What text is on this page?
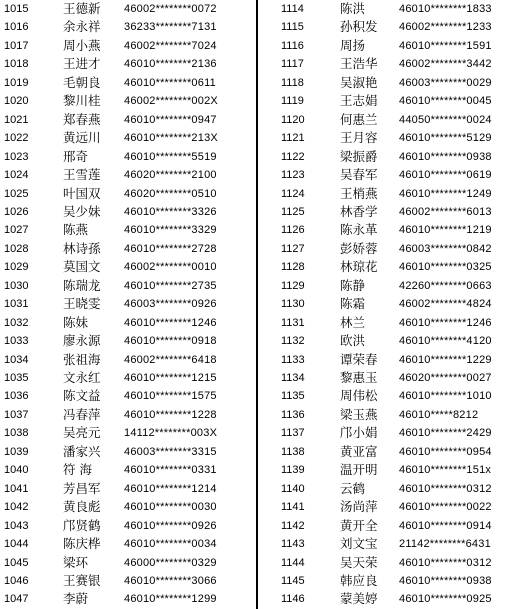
1015	王德新 46002********0072
1016	余永祥 36233********7131
1017	周小燕 46002********7024
1018	王进才 46010********2136
1019	毛朝良 46010********0611
1020	黎川桂 46002********002X
1021	郑春燕 46010********0947
1022	黄远川 46010********213X
1023	邢奇	46010********5519
1024	王雪莲 46020********2100
1025	叶国双 46020********0510
1026	吴少妹 46010********3326
1027	陈燕	46010********3329
1028	林诗孫 46010********2728
1029	莫国文 46002********0010
1030	陈瑞龙 46010********2735
1031	王晓雯 46003********0926
1032	陈妹	46010********1246
1033	廖永源 46010********0918
1034	张祖海 46002********6418
1035	文永红 46010********1215
1036	陈文益 46010********1575
1037	冯春萍 46010********1228
1038	吴亮元 14112********003X
1039	潘家兴 46003********3315
1040	符 海	46010********0331
1041	芳昌军 46010********1214
1042	黄良彪 46010********0030
1043	邝贤鹤 46010********0926
1044	陈庆桦 46010********0034
1045	梁环	46000********0329
1046	王赛银 46010********3066
1047	李蔚	46010********1299
1114	陈洪	46010********1833
1115	孙积发 46002********1233
1116	周扬	46010********1591
1117	王浩华 46002********3442
1118	吴淑艳 46003********0029
1119	王志娟 46010********0045
1120	何惠兰 44050********0024
1121	王月容 46010********5129
1122	梁振爵 46010********0938
1123	吴春军 46010********0619
1124	王梢燕 46010********1249
1125	林香学 46002********6013
1126	陈永革 46010********1219
1127	彭娇蓉 46003********0842
1128	林琼花 46010********0325
1129	陈静	42260********0663
1130	陈霜	46002********4824
1131	林兰	46010********1246
1132	欧洪	46010********4120
1133	谭荣春 46010********1229
1134	黎惠玉 46020********0027
1135	周伟松 46010********1010
1136	梁玉燕 46010*****8212
1137	邝小娟 46010********2429
1138	黄亚富 46010********0954
1139	温开明 46010********151x
1140	云鹤	46010********0312
1141	汤尚萍 46010********0022
1142	黄开全 46010********0914
1143	刘文宝 21142********6431
1144	吴天荣 46010********0312
1145	韩应良 46010********0938
1146	蒙美婷 46010********0925
